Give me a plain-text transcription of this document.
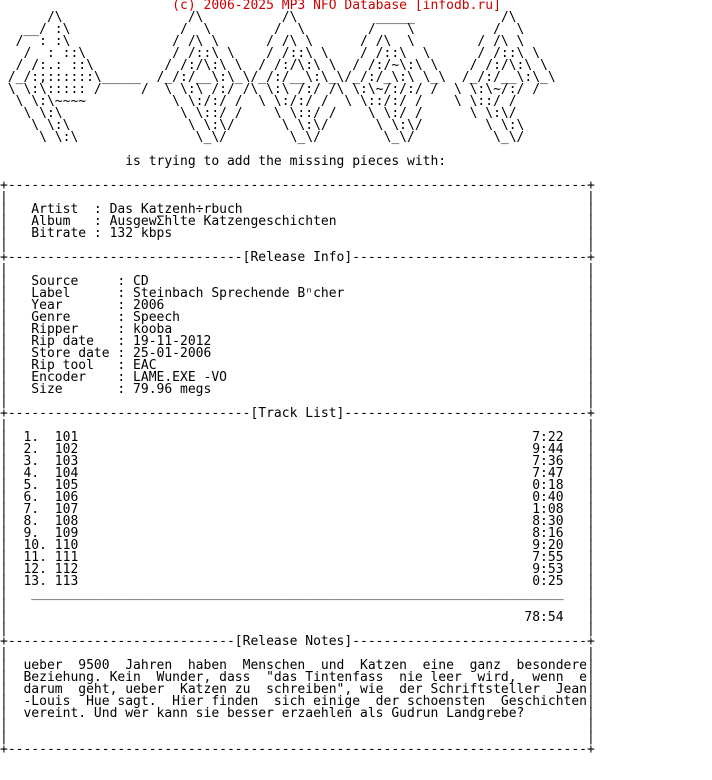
(c) 2006-2025 MP3 NFO Database [infodb.ru]
/\                /\          /\          _____           /\
__/ :\              /  \        /  \        /    \          /  \
/  : :\             / /\ \      / /\ \      / /\  \        / /\ \
/  : ::\           / /::\ \    / /::\ \    / /::\  \      / /::\ \
/ /:.: ::\         / /:/\:\ \  / /:/\:\ \  / /:/~\:\ \    / /:/\:\ \
/_/:;::::::\_____  /_/:/__\:\_\/_/:/__\:\_\/_/:/_\:\ \_\  /_/:/__\:\_\
\ \:\::::: /     /  \ \:\ /:/ /\ \:\ /:/ /\ \:\~/:/:/ /  \ \:\~/:/ /
\ \:\~~~~           \ \:/:/ /  \ \:/:/ /  \ \::/:/ /    \ \::/ /
\ \:\               \ \::/ /    \ \::/ /    \ \:/ /      \ \:\/
\ \:\               \ \:\/      \ \:\/      \ \:\/        \ \:\
\ \:\               \_\/        \_\/        \_\/          \_\/

is trying to add the missing pieces with:

+--------------------------------------------------------------------------+
|                                                                          |
|   Artist  : Das Katzenh÷rbuch                                            |
|   Album   : AusgewΣhlte Katzengeschichten                                |
|   Bitrate : 132 kbps                                                     |
|                                                                          |
+------------------------------[Release Info]------------------------------+
|                                                                          |
|   Source     : CD                                                        |
|   Label      : Steinbach Sprechende Bⁿcher                               |
|   Year       : 2006                                                      |
|   Genre      : Speech                                                    |
|   Ripper     : kooba                                                     |
|   Rip date   : 19-11-2012                                                |
|   Store date : 25-01-2006                                                |
|   Rip tool   : EAC                                                       |
|   Encoder    : LAME.EXE -VO                                              |
|   Size       : 79.96 megs                                                |
|                                                                          |
+-------------------------------[Track List]-------------------------------+
|                                                                          |
|  1.  101                                                          7:22   |
|  2.  102                                                          9:44   |
|  3.  103                                                          7:36   |
|  4.  104                                                          7:47   |
|  5.  105                                                          0:18   |
|  6.  106                                                          0:40   |
|  7.  107                                                          1:08   |
|  8.  108                                                          8:30   |
|  9.  109                                                          8:16   |
|  10. 110                                                          9:20   |
|  11. 111                                                          7:55   |
|  12. 112                                                          9:53   |
|  13. 113                                                          0:25   |
|   ____________________________________________________________________   |
|                                                                          |
|                                                                  78:54   |
|                                                                          |
+-----------------------------[Release Notes]------------------------------+
|                                                                          |
|  ueber  9500  Jahren  haben  Menschen  und  Katzen  eine  ganz  besondere|
|  Beziehung. Kein  Wunder, dass  "das Tintenfass  nie leer  wird,  wenn  e|
|  darum  geht, ueber  Katzen zu  schreiben", wie  der Schriftsteller  Jean|
|  -Louis  Hue sagt.  Hier finden  sich einige  der schoensten  Geschichten|
|  vereint. Und wer kann sie besser erzaehlen als Gudrun Landgrebe?        |
|                                                                          |
|                                                                          |
+--------------------------------------------------------------------------+
